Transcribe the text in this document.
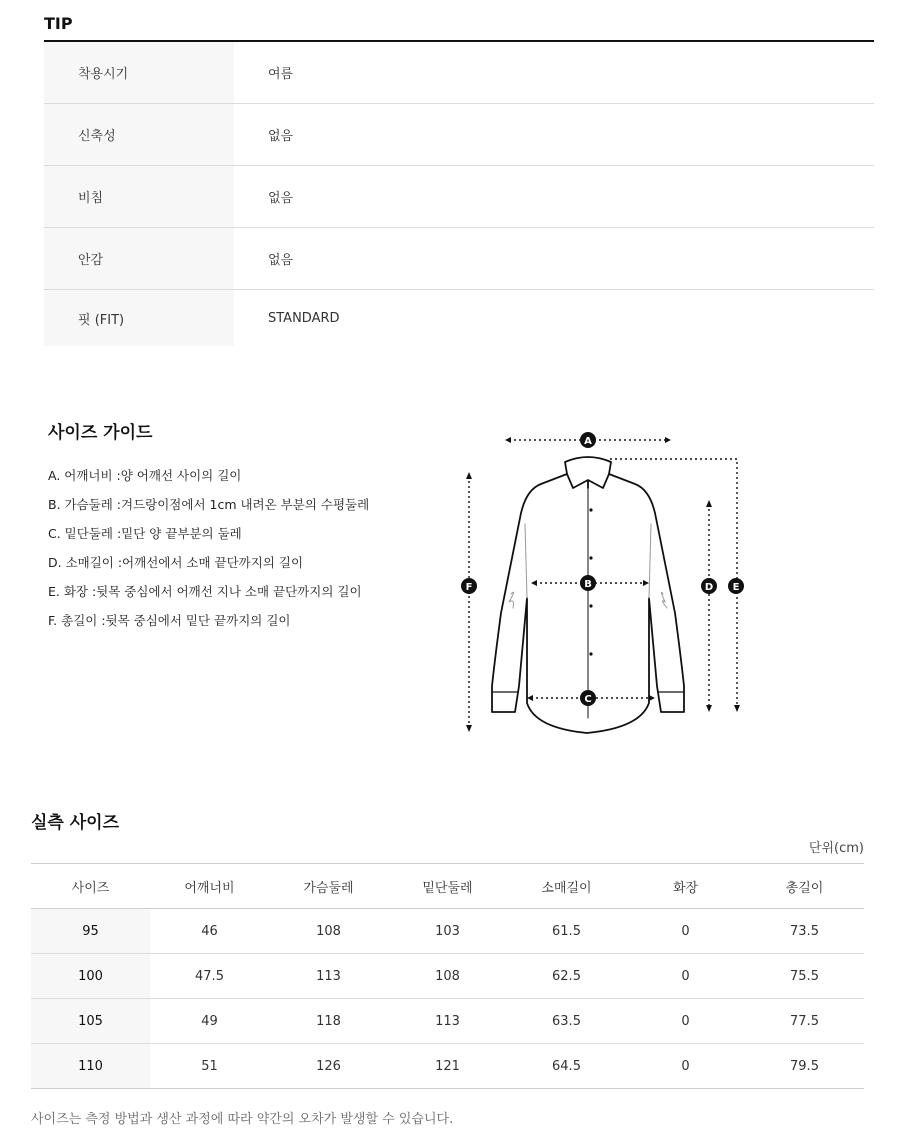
TIP
착용시기	여름
신축성	없음
비침	없음
안감	없음
핏 (FIT)	STANDARD
사이즈 가이드
A. 어깨너비 :양 어깨선 사이의 길이
B. 가슴둘레 :겨드랑이점에서 1cm 내려온 부분의 수평둘레
C. 밑단둘레 :밑단 양 끝부분의 둘레
D. 소매길이 :어깨선에서 소매 끝단까지의 길이
E. 화장 :뒷목 중심에서 어깨선 지나 소매 끝단까지의 길이
F. 총길이 :뒷목 중심에서 밑단 끝까지의 길이
A
B
C
D E
F
실측 사이즈
단위(cm)
사이즈	어깨너비	가슴둘레	밑단둘레	소매길이	화장	총길이
95	46	108	103	61.5	0	73.5
100	47.5	113	108	62.5	0	75.5
105	49	118	113	63.5	0	77.5
110	51	126	121	64.5	0	79.5
사이즈는 측정 방법과 생산 과정에 따라 약간의 오차가 발생할 수 있습니다.
